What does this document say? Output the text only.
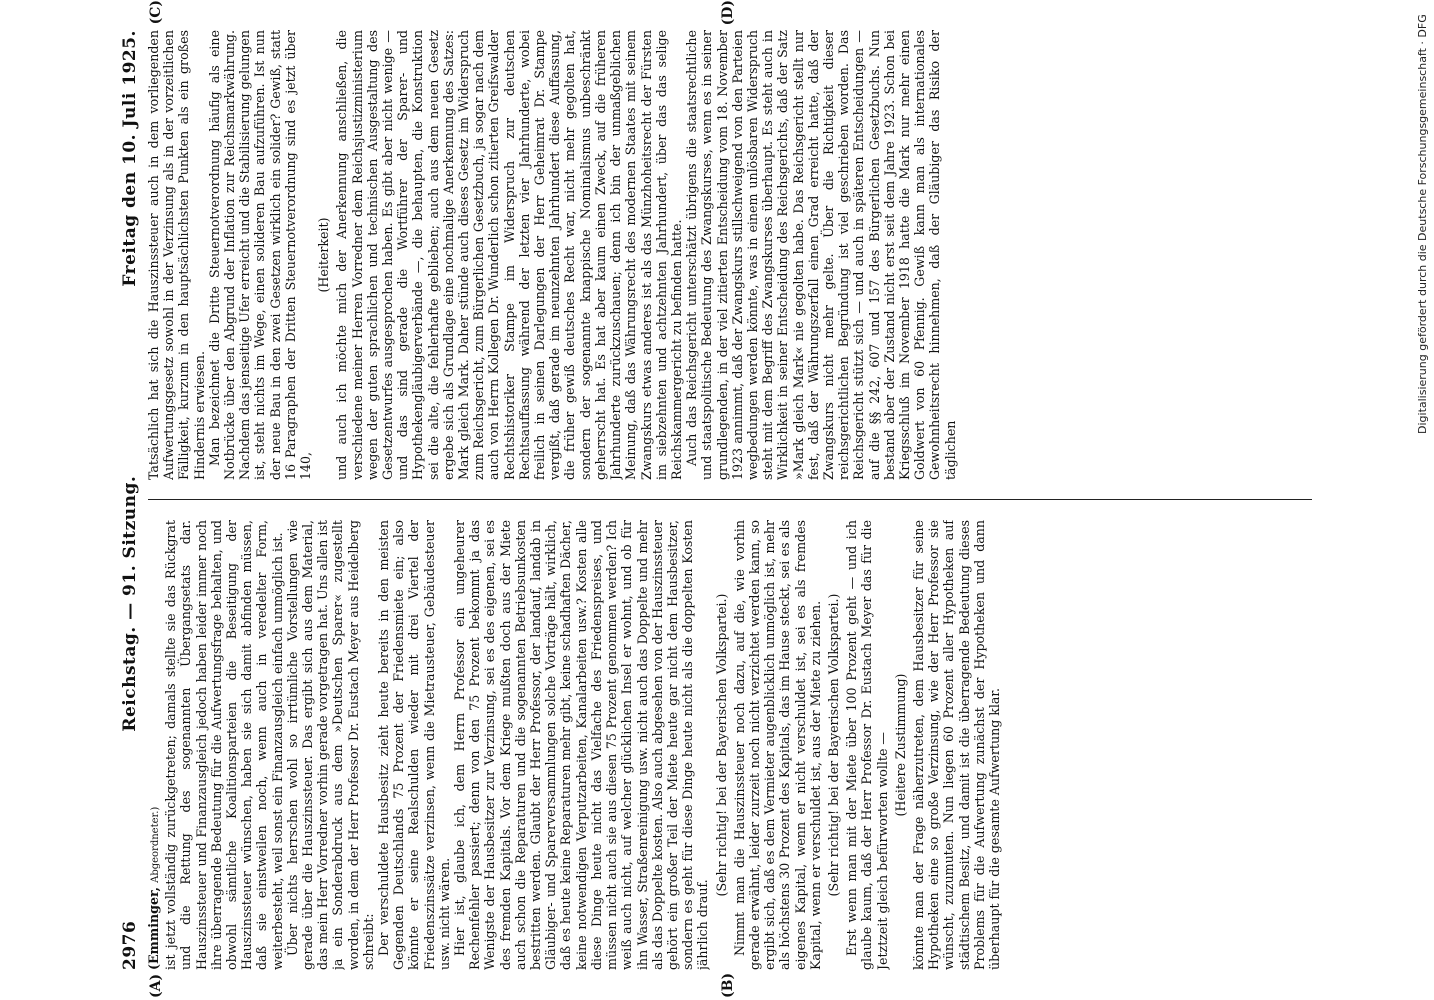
2976
Reichstag. — 91. Sitzung.
Freitag den 10. Juli 1925.
(A)	(B)
(C)	(D)

(Emminger, Abgeordneter.) ist jetzt vollständig zurückgetreten; damals stellte sie das Rückgrat und die Rettung des sogenannten Übergangsetats dar. Hauszinssteuer und Finanzausgleich jedoch haben leider immer noch ihre überragende Bedeutung für die Aufwertungsfrage behalten, und obwohl sämtliche Koalitionsparteien die Beseitigung der Hauszinssteuer wünschen, haben sie sich damit abfinden müssen, daß sie einstweilen noch, wenn auch in veredelter Form, weiterbesteht, weil sonst ein Finanzausgleich einfach unmöglich ist. Über nichts herrschen wohl so irrtümliche Vorstellungen wie gerade über die Hauszinssteuer. Das ergibt sich aus dem Material, das mein Herr Vorredner vorhin gerade vorgetragen hat. Uns allen ist ja ein Sonderabdruck aus dem »Deutschen Sparer« zugestellt worden, in dem der Herr Professor Dr. Eustach Meyer aus Heidelberg schreibt: Der verschuldete Hausbesitz zieht heute bereits in den meisten Gegenden Deutschlands 75 Prozent der Friedensmiete ein; also könnte er seine Realschulden wieder mit drei Viertel der Friedenszinssätze verzinsen, wenn die Mietrausteuer, Gebäudesteuer usw. nicht wären. Hier ist, glaube ich, dem Herrn Professor ein ungeheurer Rechenfehler passiert; denn von den 75 Prozent bekommt ja das Wenigste der Hausbesitzer zur Verzinsung, sei es des eigenen, sei es des fremden Kapitals. Vor dem Kriege mußten doch aus der Miete auch schon die Reparaturen und die sogenannten Betriebsunkosten bestritten werden. Glaubt der Herr Professor, der landauf, landab in Gläubiger- und Sparerversammlungen solche Vorträge hält, wirklich, daß es heute keine Reparaturen mehr gibt, keine schadhaften Dächer, keine notwendigen Verputzarbeiten, Kanalarbeiten usw.? Kosten alle diese Dinge heute nicht das Vielfache des Friedenspreises, und müssen nicht auch sie aus diesen 75 Prozent genommen werden? Ich weiß auch nicht, auf welcher glücklichen Insel er wohnt, und ob für ihn Wasser, Straßenreinigung usw. nicht auch das Doppelte und mehr als das Doppelte kosten. Also auch abgesehen von der Hauszinssteuer gehört ein großer Teil der Miete heute gar nicht dem Hausbesitzer, sondern es geht für diese Dinge heute nicht als die doppelten Kosten jährlich drauf.

(Sehr richtig! bei der Bayerischen Volkspartei.) Nimmt man die Hauszinssteuer noch dazu, auf die, wie vorhin gerade erwähnt, leider zurzeit noch nicht verzichtet werden kann, so ergibt sich, daß es dem Vermieter augenblicklich unmöglich ist, mehr als höchstens 30 Prozent des Kapitals, das im Hause steckt, sei es als eigenes Kapital, wenn er nicht verschuldet ist, sei es als fremdes Kapital, wenn er verschuldet ist, aus der Miete zu ziehen. (Sehr richtig! bei der Bayerischen Volkspartei.) Erst wenn man mit der Miete über 100 Prozent geht — und ich glaube kaum, daß der Herr Professor Dr. Eustach Meyer das für die Jetztzeit gleich befürworten wollte — (Heitere Zustimmung) könnte man der Frage näherzutreten, dem Hausbesitzer für seine Hypotheken eine so große Verzinsung, wie der Herr Professor sie wünscht, zuzumuten. Nun liegen 60 Prozent aller Hypotheken auf städtischem Besitz, und damit ist die überragende Bedeutung dieses Problems für die Aufwertung zunächst der Hypotheken und dann überhaupt für die gesamte Aufwertung klar.

Tatsächlich hat sich die Hauszinssteuer auch in dem vorliegenden Aufwertungsgesetz sowohl in der Verzinsung als in der vorzeitlichen Fälligkeit, kurzum in den hauptsächlichsten Punkten als ein großes Hindernis erwiesen. Man bezeichnet die Dritte Steuernotverordnung häufig als eine Notbrücke über den Abgrund der Inflation zur Reichsmarkwährung. Nachdem das jenseitige Ufer erreicht und die Stabilisierung gelungen ist, steht nichts im Wege, einen solideren Bau aufzuführen. Ist nun der neue Bau in den zwei Gesetzen wirklich ein solider? Gewiß, statt 16 Paragraphen der Dritten Steuernotverordnung sind es jetzt über 140,

(Heiterkeit) und auch ich möchte mich der Anerkennung anschließen, die verschiedene meiner Herren Vorredner dem Reichsjustizministerium wegen der guten sprachlichen und technischen Ausgestaltung des Gesetzentwurfes ausgesprochen haben. Es gibt aber nicht wenige — und das sind gerade die Wortführer der Sparer- und Hypothekengläubigerverbände —, die behaupten, die Konstruktion sei die alte, die fehlerhafte geblieben; auch aus dem neuen Gesetz ergebe sich als Grundlage eine nochmalige Anerkennung des Satzes: Mark gleich Mark. Daher stünde auch dieses Gesetz im Widerspruch zum Reichsgericht, zum Bürgerlichen Gesetzbuch, ja sogar nach dem auch von Herrn Kollegen Dr. Wunderlich schon zitierten Greifswalder Rechtshistoriker Stampe im Widerspruch zur deutschen Rechtsauffassung während der letzten vier Jahrhunderte, wobei freilich in seinen Darlegungen der Herr Geheimrat Dr. Stampe vergißt, daß gerade im neunzehnten Jahrhundert diese Auffassung, die früher gewiß deutsches Recht war, nicht mehr gegolten hat, sondern der sogenannte knappische Nominalismus unbeschränkt geherrscht hat. Es hat aber kaum einen Zweck, auf die früheren Jahrhunderte zurückzuschauen; denn ich bin der unmaßgeblichen Meinung, daß das Währungsrecht des modernen Staates mit seinem Zwangskurs etwas anderes ist als das Münzhoheitsrecht der Fürsten im siebzehnten und achtzehnten Jahrhundert, über das das selige Reichskammergericht zu befinden hatte. Auch das Reichsgericht unterschätzt übrigens die staatsrechtliche und staatspolitische Bedeutung des Zwangskurses, wenn es in seiner grundlegenden, in der viel zitierten Entscheidung vom 18. November 1923 annimmt, daß der Zwangskurs stillschweigend von den Parteien wegbedungen werden könnte, was in einem unlösbaren Widerspruch steht mit dem Begriff des Zwangskurses überhaupt. Es steht auch in Wirklichkeit in seiner Entscheidung des Reichsgerichts, daß der Satz »Mark gleich Mark« nie gegolten habe. Das Reichsgericht stellt nur fest, daß der Währungszerfall einen Grad erreicht hatte, daß der Zwangskurs nicht mehr gelte. Über die Richtigkeit dieser reichsgerichtlichen Begründung ist viel geschrieben worden. Das Reichsgericht stützt sich — und auch in späteren Entscheidungen — auf die §§ 242, 607 und 157 des Bürgerlichen Gesetzbuchs. Nun bestand aber der Zustand nicht erst seit dem Jahre 1923. Schon bei Kriegsschluß im November 1918 hatte die Mark nur mehr einen Goldwert von 60 Pfennig. Gewiß kann man als internationales Gewohnheitsrecht hinnehmen, daß der Gläubiger das Risiko der täglichen

Digitalisierung gefördert durch die Deutsche Forschungsgemeinschaft · DFG
